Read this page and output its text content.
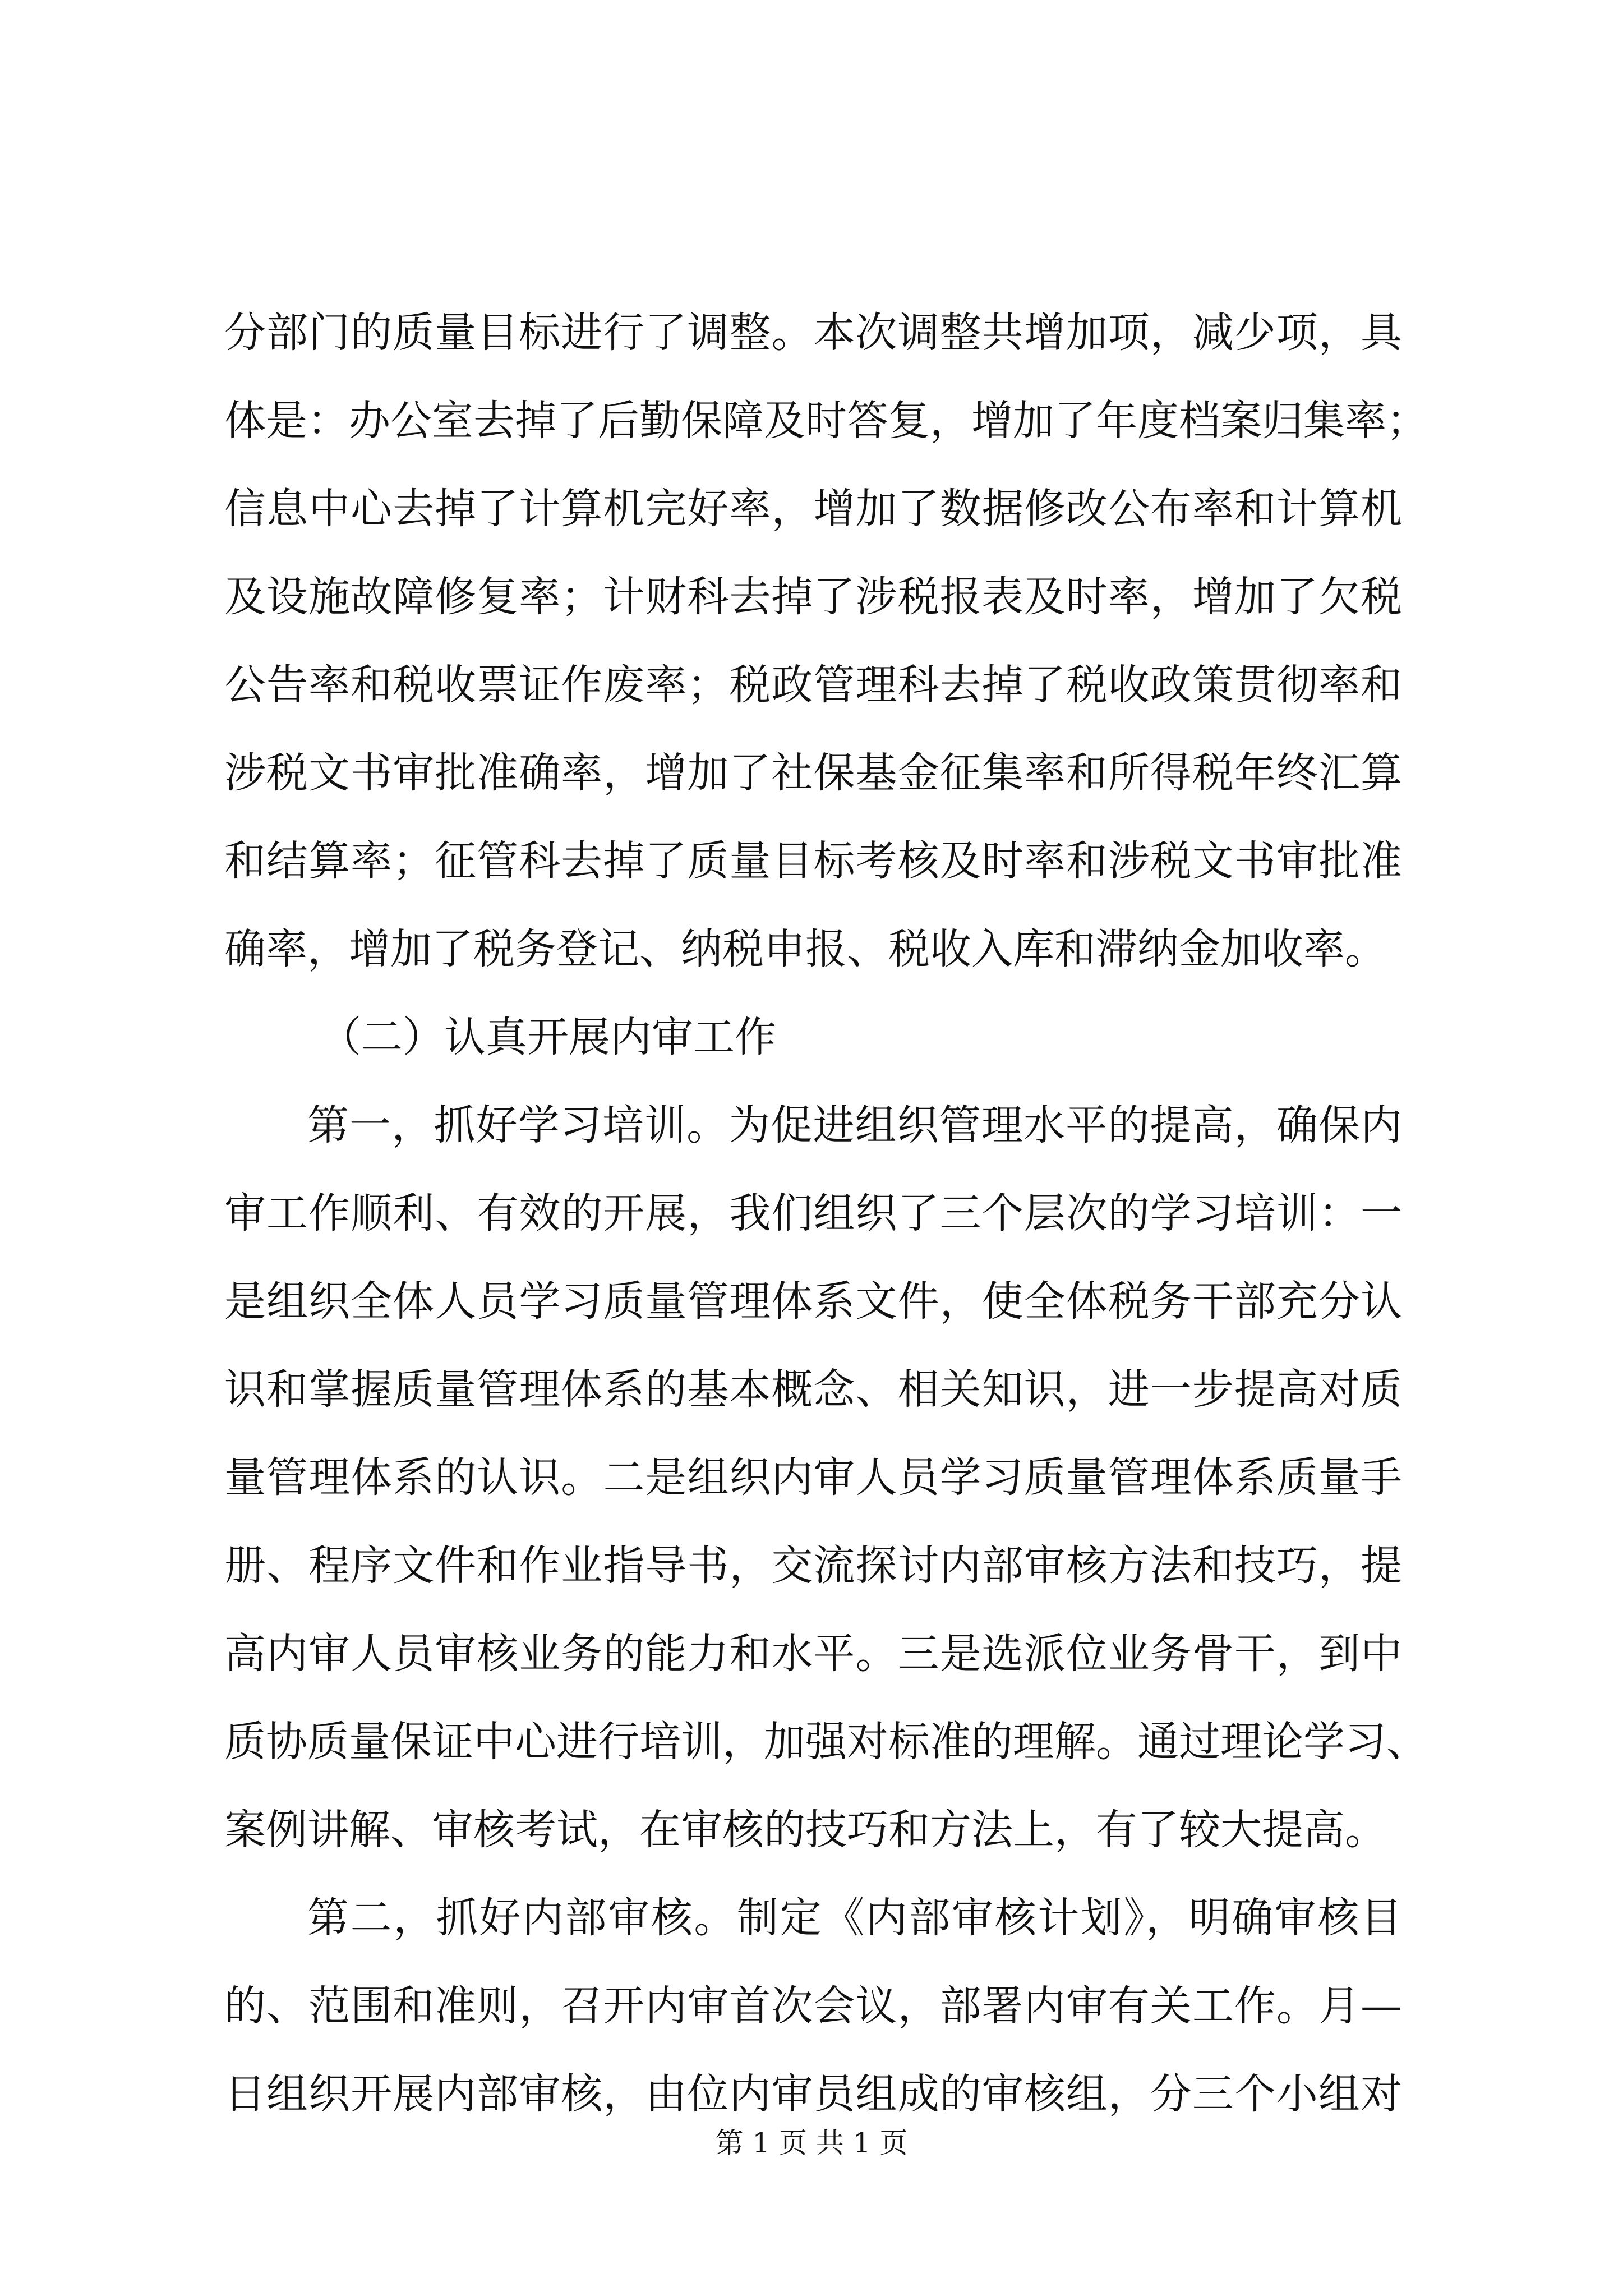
分部门的质量目标进行了调整。本次调整共增加项，减少项，具
体是：办公室去掉了后勤保障及时答复，增加了年度档案归集率；
信息中心去掉了计算机完好率，增加了数据修改公布率和计算机
及设施故障修复率；计财科去掉了涉税报表及时率，增加了欠税
公告率和税收票证作废率；税政管理科去掉了税收政策贯彻率和
涉税文书审批准确率，增加了社保基金征集率和所得税年终汇算
和结算率；征管科去掉了质量目标考核及时率和涉税文书审批准
确率，增加了税务登记、纳税申报、税收入库和滞纳金加收率。
（二）认真开展内审工作
第一，抓好学习培训。为促进组织管理水平的提高，确保内
审工作顺利、有效的开展，我们组织了三个层次的学习培训：一
是组织全体人员学习质量管理体系文件，使全体税务干部充分认
识和掌握质量管理体系的基本概念、相关知识，进一步提高对质
量管理体系的认识。二是组织内审人员学习质量管理体系质量手
册、程序文件和作业指导书，交流探讨内部审核方法和技巧，提
高内审人员审核业务的能力和水平。三是选派位业务骨干，到中
质协质量保证中心进行培训，加强对标准的理解。通过理论学习、
案例讲解、审核考试，在审核的技巧和方法上，有了较大提高。
第二，抓好内部审核。制定《内部审核计划》，明确审核目
的、范围和准则，召开内审首次会议，部署内审有关工作。月—
日组织开展内部审核，由位内审员组成的审核组，分三个小组对
第 1 页 共 1 页
